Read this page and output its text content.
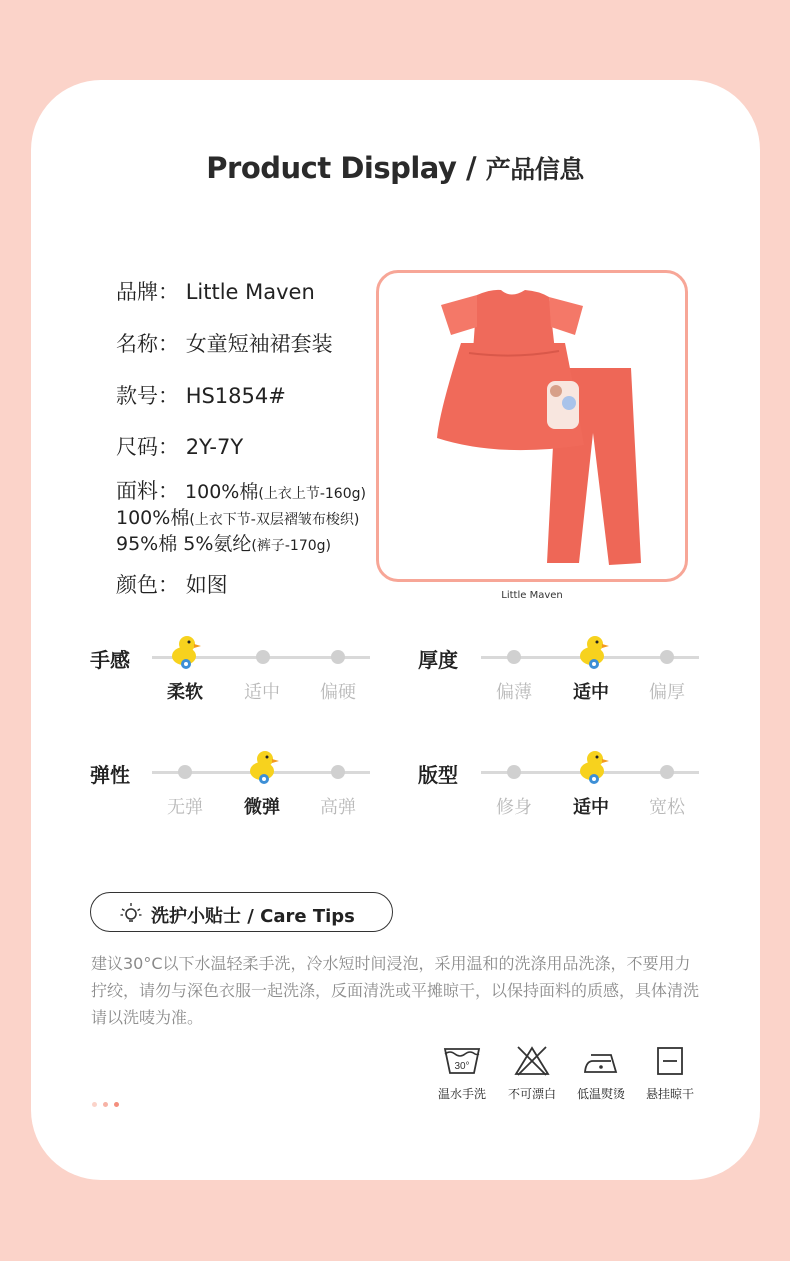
Product Display / 产品信息
品牌： Little Maven
名称： 女童短袖裙套装
款号： HS1854#
尺码： 2Y-7Y
面料： 100%棉(上衣上节-160g)
100%棉(上衣下节-双层褶皱布梭织)
95%棉 5%氨纶(裤子-170g)
颜色： 如图	Little Maven
手感
柔软	适中	偏硬
厚度
偏薄	适中	偏厚
弹性
无弹	微弹	高弹
版型
修身	适中	宽松
洗护小贴士 / Care Tips
建议30°C以下水温轻柔手洗，冷水短时间浸泡，采用温和的洗涤用品洗涤，不要用力拧绞，请勿与深色衣服一起洗涤，反面清洗或平摊晾干，以保持面料的质感，具体清洗请以洗唛为准。
30°
温水手洗	不可漂白	低温熨烫	悬挂晾干
